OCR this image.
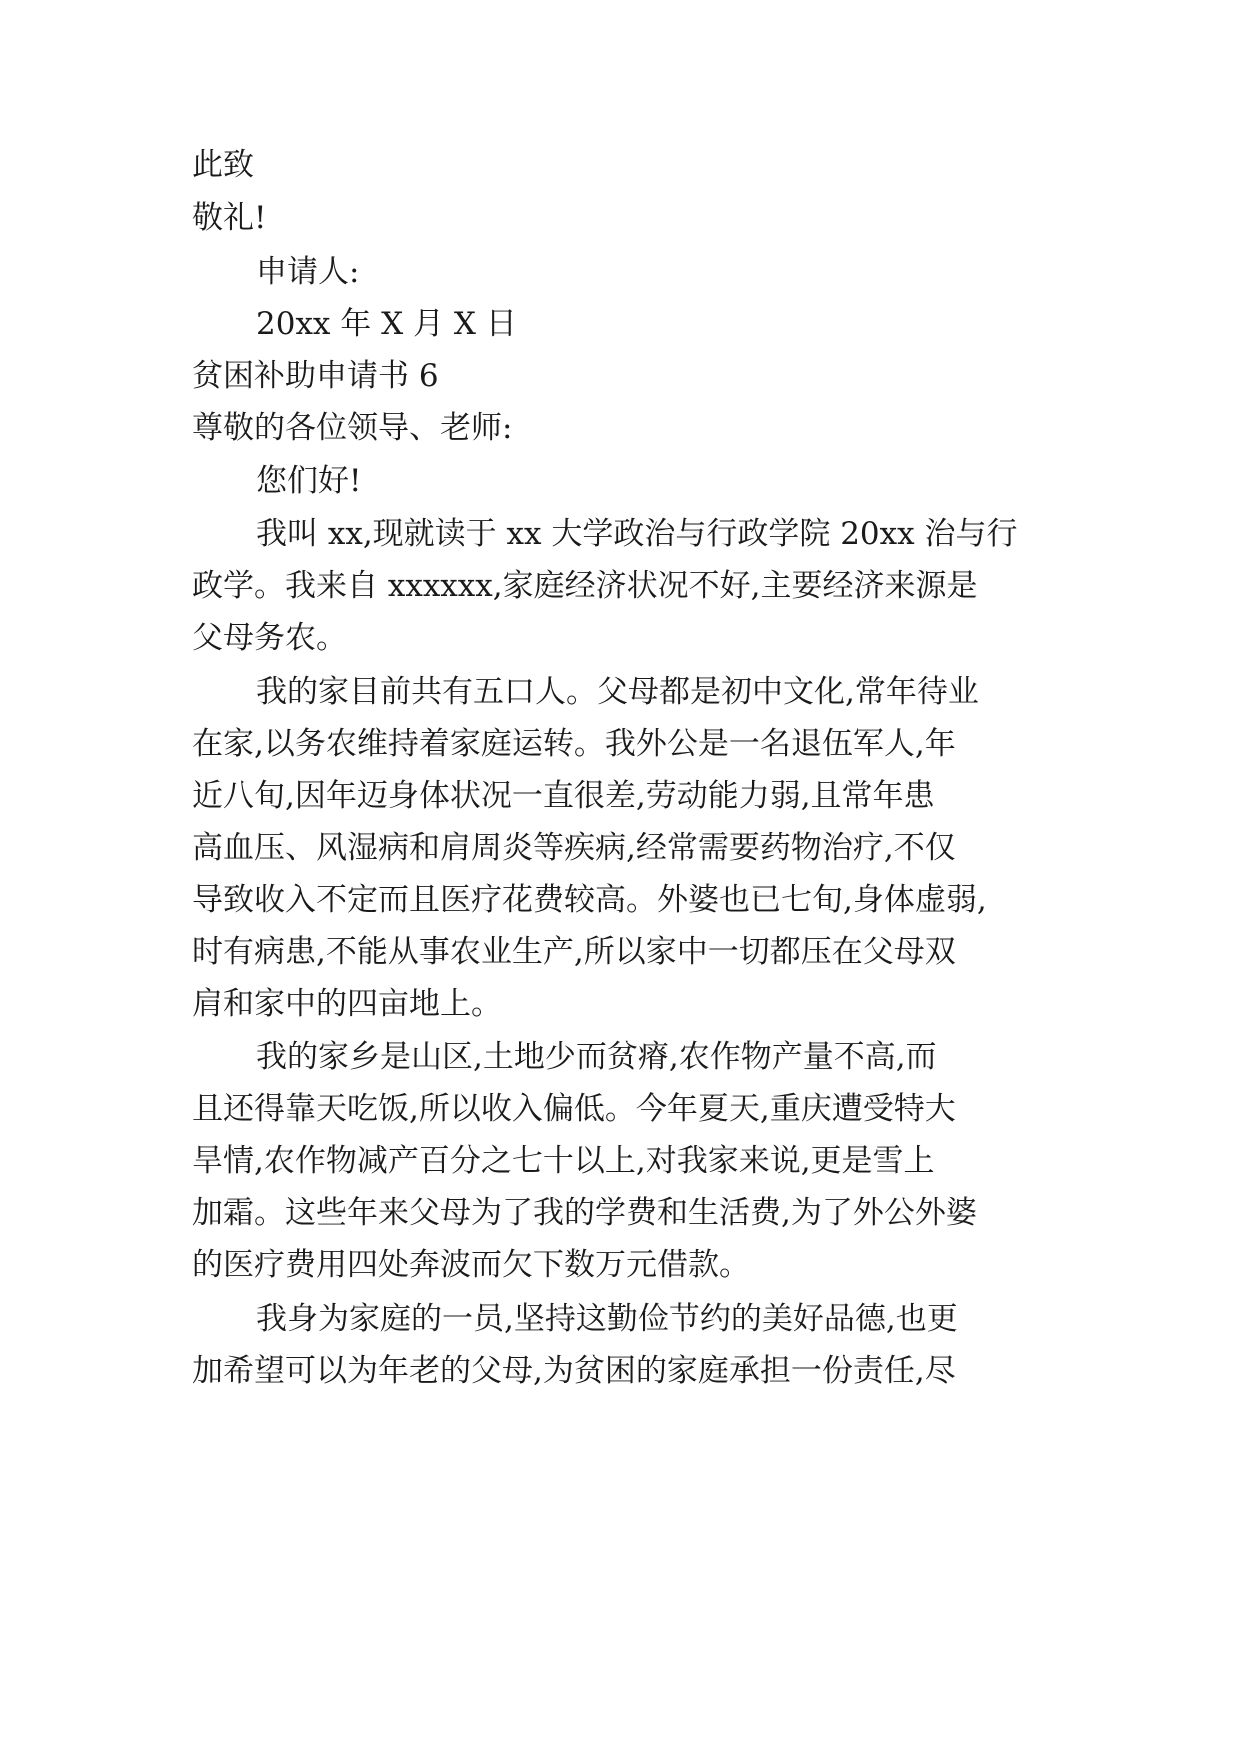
此致
敬礼!
申请人:
20xx 年 X 月 X 日
贫困补助申请书 6
尊敬的各位领导、老师:
您们好!
我叫 xx,现就读于 xx 大学政治与行政学院 20xx 治与行
政学。我来自 xxxxxx,家庭经济状况不好,主要经济来源是
父母务农。
我的家目前共有五口人。父母都是初中文化,常年待业
在家,以务农维持着家庭运转。我外公是一名退伍军人,年
近八旬,因年迈身体状况一直很差,劳动能力弱,且常年患
高血压、风湿病和肩周炎等疾病,经常需要药物治疗,不仅
导致收入不定而且医疗花费较高。外婆也已七旬,身体虚弱,
时有病患,不能从事农业生产,所以家中一切都压在父母双
肩和家中的四亩地上。
我的家乡是山区,土地少而贫瘠,农作物产量不高,而
且还得靠天吃饭,所以收入偏低。今年夏天,重庆遭受特大
旱情,农作物减产百分之七十以上,对我家来说,更是雪上
加霜。这些年来父母为了我的学费和生活费,为了外公外婆
的医疗费用四处奔波而欠下数万元借款。
我身为家庭的一员,坚持这勤俭节约的美好品德,也更
加希望可以为年老的父母,为贫困的家庭承担一份责任,尽
